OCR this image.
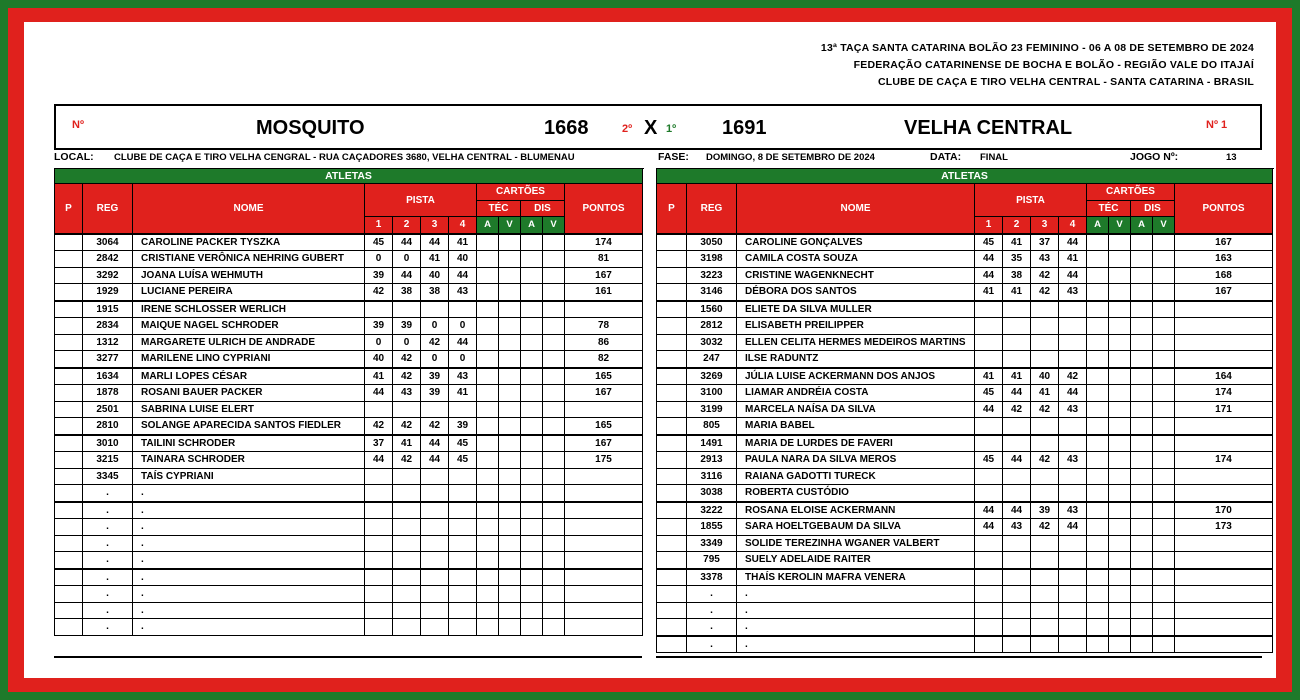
13ª TAÇA SANTA CATARINA BOLÃO 23 FEMININO - 06 A 08 DE SETEMBRO DE 2024
FEDERAÇÃO CATARINENSE DE BOCHA E BOLÃO - REGIÃO VALE DO ITAJAÍ
CLUBE DE CAÇA E TIRO VELHA CENTRAL - SANTA CATARINA - BRASIL
Nº	MOSQUITO	1668	2º X 1º 1691	VELHA CENTRAL	Nº 1
LOCAL: CLUBE DE CAÇA E TIRO VELHA CENGRAL - RUA CAÇADORES 3680, VELHA CENTRAL - BLUMENAU	FASE: DOMINGO, 8 DE SETEMBRO DE 2024	DATA: FINAL	JOGO Nº:	13
ATLETAS											
P	REG	NOME	PISTA				CARTÕES				PONTOS
							TÉC		DIS		
			1	2	3	4	A	V	A	V	
	3064	CAROLINE PACKER TYSZKA	45	44	44	41					174
	2842	CRISTIANE VERÔNICA NEHRING GUBERT	0	0	41	40					81
	3292	JOANA LUÍSA WEHMUTH	39	44	40	44					167
	1929	LUCIANE PEREIRA	42	38	38	43					161
	1915	IRENE SCHLOSSER WERLICH									
	2834	MAIQUE NAGEL SCHRODER	39	39	0	0					78
	1312	MARGARETE ULRICH DE ANDRADE	0	0	42	44					86
	3277	MARILENE LINO CYPRIANI	40	42	0	0					82
	1634	MARLI LOPES CÉSAR	41	42	39	43					165
	1878	ROSANI BAUER PACKER	44	43	39	41					167
	2501	SABRINA LUISE ELERT									
	2810	SOLANGE APARECIDA SANTOS FIEDLER	42	42	42	39					165
	3010	TAILINI SCHRODER	37	41	44	45					167
	3215	TAINARA SCHRODER	44	42	44	45					175
	3345	TAÍS CYPRIANI									
	.	.									
	.	.									
	.	.									
	.	.									
	.	.									
	.	.									
	.	.									
	.	.									
	.	.									
ATLETAS											
P	REG	NOME	PISTA				CARTÕES				PONTOS
							TÉC		DIS		
			1	2	3	4	A	V	A	V	
	3050	CAROLINE GONÇALVES	45	41	37	44					167
	3198	CAMILA COSTA SOUZA	44	35	43	41					163
	3223	CRISTINE WAGENKNECHT	44	38	42	44					168
	3146	DÉBORA DOS SANTOS	41	41	42	43					167
	1560	ELIETE DA SILVA MULLER									
	2812	ELISABETH PREILIPPER									
	3032	ELLEN CELITA HERMES MEDEIROS MARTINS									
	247	ILSE RADUNTZ									
	3269	JÚLIA LUISE ACKERMANN DOS ANJOS	41	41	40	42					164
	3100	LIAMAR ANDRÉIA COSTA	45	44	41	44					174
	3199	MARCELA NAÍSA DA SILVA	44	42	42	43					171
	805	MARIA BABEL									
	1491	MARIA DE LURDES DE FAVERI									
	2913	PAULA NARA DA SILVA MEROS	45	44	42	43					174
	3116	RAIANA GADOTTI TURECK									
	3038	ROBERTA CUSTÓDIO									
	3222	ROSANA ELOISE ACKERMANN	44	44	39	43					170
	1855	SARA HOELTGEBAUM DA SILVA	44	43	42	44					173
	3349	SOLIDE TEREZINHA WGANER VALBERT									
	795	SUELY ADELAIDE RAITER									
	3378	THAÍS KEROLIN MAFRA VENERA									
	.	.									
	.	.									
	.	.									
	.	.									
